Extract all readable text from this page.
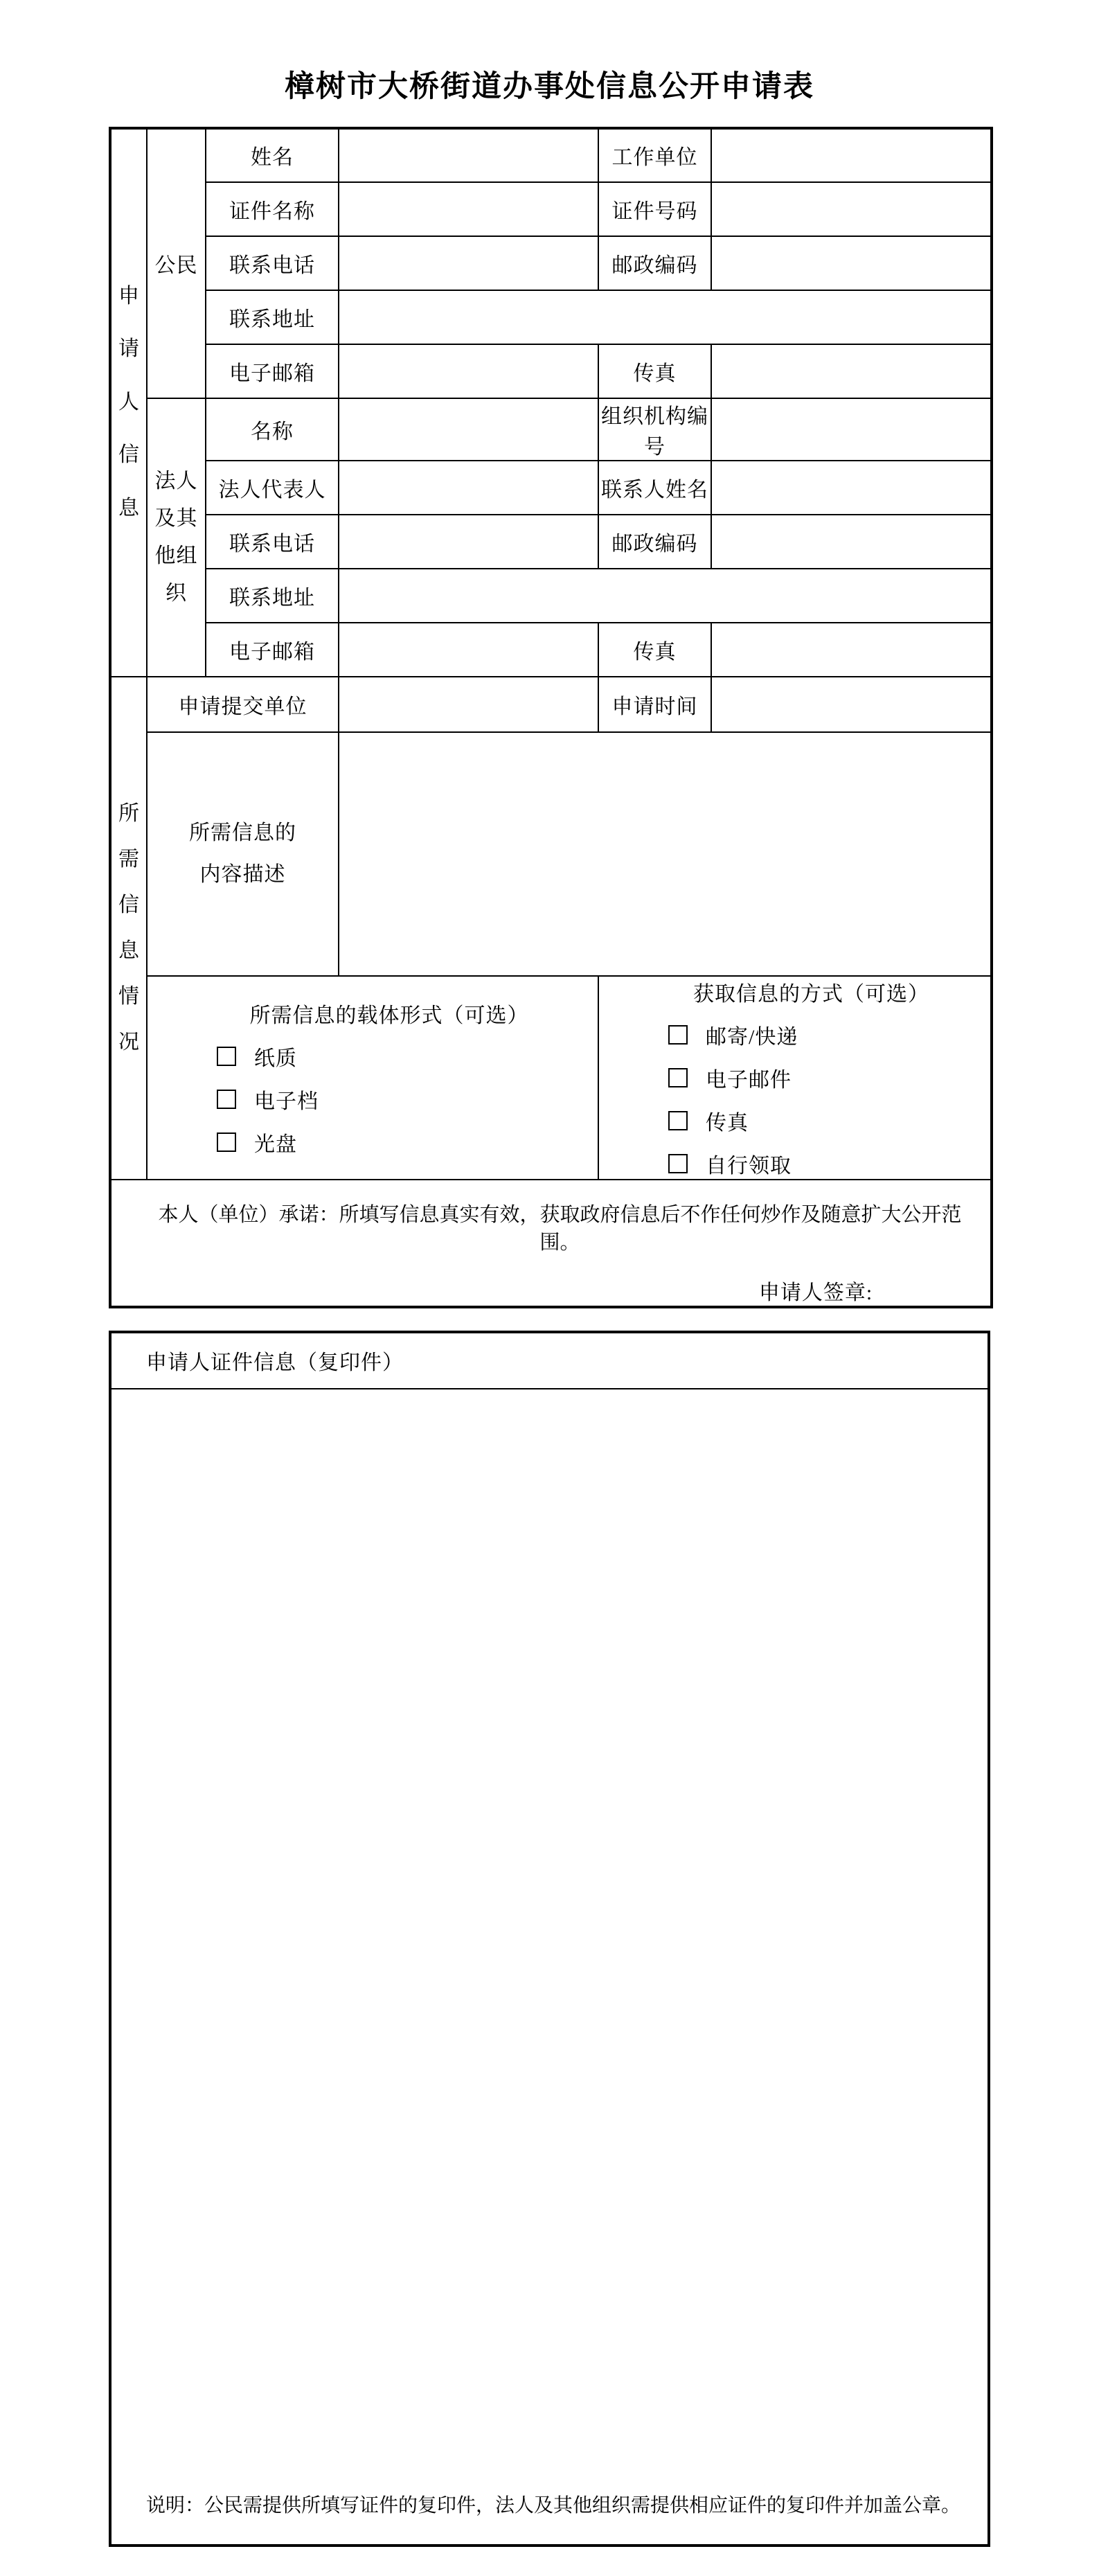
樟树市大桥街道办事处信息公开申请表
申请人信息	公民	姓名		工作单位	
		证件名称		证件号码	
		联系电话		邮政编码	
		联系地址			
		电子邮箱		传真	

	法人及其他组织	名称		组织机构编号	
		法人代表人		联系人姓名	
		联系电话		邮政编码	
		联系地址			
		电子邮箱		传真	

所需信息情况	申请提交单位			申请时间	

	所需信息的内容描述				

所需信息的载体形式（可选）
纸质
电子档
光盘

获取信息的方式（可选）
邮寄/快递
电子邮件
传真
自行领取

本人（单位）承诺：所填写信息真实有效，获取政府信息后不作任何炒作及随意扩大公开范围。
申请人签章:					
申请人证件信息（复印件）
说明：公民需提供所填写证件的复印件，法人及其他组织需提供相应证件的复印件并加盖公章。
